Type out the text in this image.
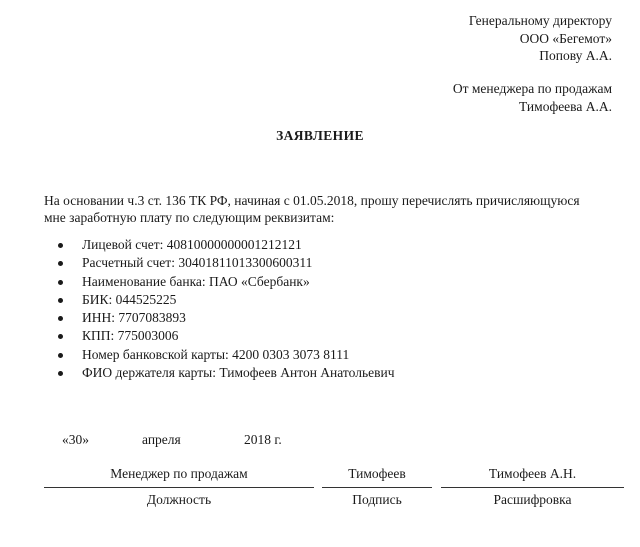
Генеральному директору
ООО «Бегемот»
Попову А.А.
От менеджера по продажам
Тимофеева А.А.
ЗАЯВЛЕНИЕ
На основании ч.3 ст. 136 ТК РФ, начиная с 01.05.2018, прошу перечислять причисляющуюся
мне заработную плату по следующим реквизитам:
Лицевой счет: 40810000000001212121
Расчетный счет: 30401811013300600311
Наименование банка: ПАО «Сбербанк»
БИК: 044525225
ИНН: 7707083893
КПП: 775003006
Номер банковской карты: 4200 0303 3073 8111
ФИО держателя карты: Тимофеев Антон Анатольевич
«30»	апреля	2018 г.
Менеджер по продажам	Тимофеев	Тимофеев А.Н.
Должность	Подпись	Расшифровка
